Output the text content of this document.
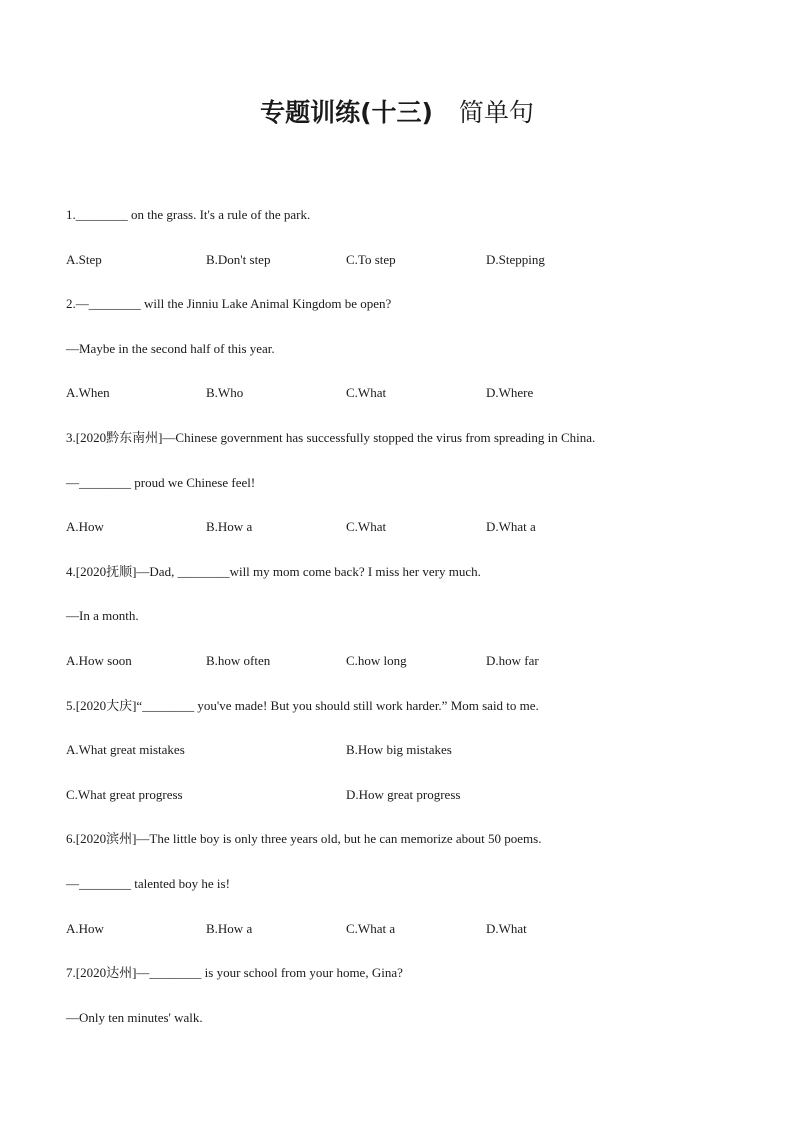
专题训练(十三) 简单句
1.________ on the grass. It's a rule of the park.
A.Step	B.Don't step	C.To step	D.Stepping
2.—________ will the Jinniu Lake Animal Kingdom be open?
—Maybe in the second half of this year.
A.When	B.Who	C.What	D.Where
3.[2020黔东南州]—Chinese government has successfully stopped the virus from spreading in China.
—________ proud we Chinese feel!
A.How	B.How a	C.What	D.What a
4.[2020抚顺]—Dad, ________will my mom come back? I miss her very much.
—In a month.
A.How soon	B.how often	C.how long	D.how far
5.[2020大庆]“________ you've made! But you should still work harder.” Mom said to me.
A.What great mistakes	B.How big mistakes
C.What great progress	D.How great progress
6.[2020滨州]—The little boy is only three years old, but he can memorize about 50 poems.
—________ talented boy he is!
A.How	B.How a	C.What a	D.What
7.[2020达州]—________ is your school from your home, Gina?
—Only ten minutes' walk.
